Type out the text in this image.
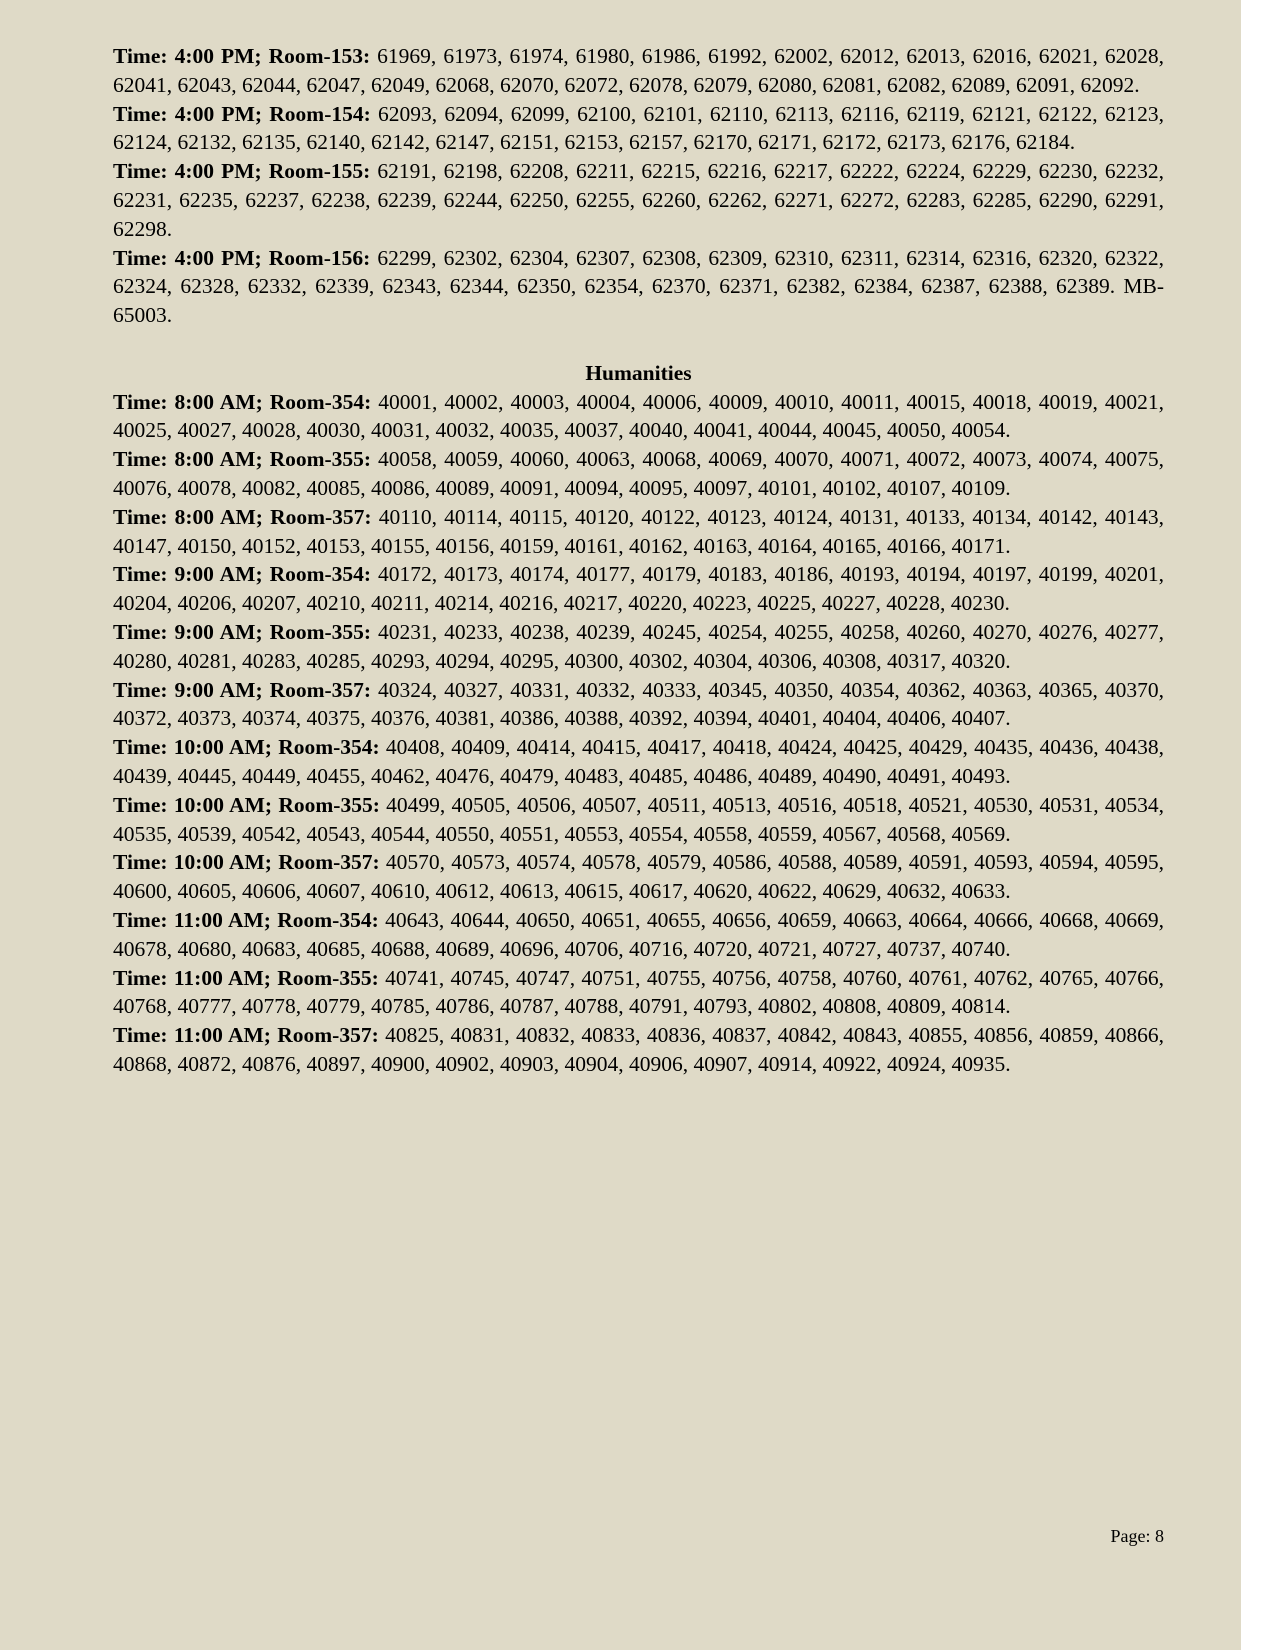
Time: 4:00 PM; Room-153: 61969, 61973, 61974, 61980, 61986, 61992, 62002, 62012, 62013, 62016, 62021, 62028, 62041, 62043, 62044, 62047, 62049, 62068, 62070, 62072, 62078, 62079, 62080, 62081, 62082, 62089, 62091, 62092.

Time: 4:00 PM; Room-154: 62093, 62094, 62099, 62100, 62101, 62110, 62113, 62116, 62119, 62121, 62122, 62123, 62124, 62132, 62135, 62140, 62142, 62147, 62151, 62153, 62157, 62170, 62171, 62172, 62173, 62176, 62184.

Time: 4:00 PM; Room-155: 62191, 62198, 62208, 62211, 62215, 62216, 62217, 62222, 62224, 62229, 62230, 62232, 62231, 62235, 62237, 62238, 62239, 62244, 62250, 62255, 62260, 62262, 62271, 62272, 62283, 62285, 62290, 62291, 62298.

Time: 4:00 PM; Room-156: 62299, 62302, 62304, 62307, 62308, 62309, 62310, 62311, 62314, 62316, 62320, 62322, 62324, 62328, 62332, 62339, 62343, 62344, 62350, 62354, 62370, 62371, 62382, 62384, 62387, 62388, 62389. MB- 65003.

Humanities

Time: 8:00 AM; Room-354: 40001, 40002, 40003, 40004, 40006, 40009, 40010, 40011, 40015, 40018, 40019, 40021, 40025, 40027, 40028, 40030, 40031, 40032, 40035, 40037, 40040, 40041, 40044, 40045, 40050, 40054.

Time: 8:00 AM; Room-355: 40058, 40059, 40060, 40063, 40068, 40069, 40070, 40071, 40072, 40073, 40074, 40075, 40076, 40078, 40082, 40085, 40086, 40089, 40091, 40094, 40095, 40097, 40101, 40102, 40107, 40109.

Time: 8:00 AM; Room-357: 40110, 40114, 40115, 40120, 40122, 40123, 40124, 40131, 40133, 40134, 40142, 40143, 40147, 40150, 40152, 40153, 40155, 40156, 40159, 40161, 40162, 40163, 40164, 40165, 40166, 40171.

Time: 9:00 AM; Room-354: 40172, 40173, 40174, 40177, 40179, 40183, 40186, 40193, 40194, 40197, 40199, 40201, 40204, 40206, 40207, 40210, 40211, 40214, 40216, 40217, 40220, 40223, 40225, 40227, 40228, 40230.

Time: 9:00 AM; Room-355: 40231, 40233, 40238, 40239, 40245, 40254, 40255, 40258, 40260, 40270, 40276, 40277, 40280, 40281, 40283, 40285, 40293, 40294, 40295, 40300, 40302, 40304, 40306, 40308, 40317, 40320.

Time: 9:00 AM; Room-357: 40324, 40327, 40331, 40332, 40333, 40345, 40350, 40354, 40362, 40363, 40365, 40370, 40372, 40373, 40374, 40375, 40376, 40381, 40386, 40388, 40392, 40394, 40401, 40404, 40406, 40407.

Time: 10:00 AM; Room-354: 40408, 40409, 40414, 40415, 40417, 40418, 40424, 40425, 40429, 40435, 40436, 40438, 40439, 40445, 40449, 40455, 40462, 40476, 40479, 40483, 40485, 40486, 40489, 40490, 40491, 40493.

Time: 10:00 AM; Room-355: 40499, 40505, 40506, 40507, 40511, 40513, 40516, 40518, 40521, 40530, 40531, 40534, 40535, 40539, 40542, 40543, 40544, 40550, 40551, 40553, 40554, 40558, 40559, 40567, 40568, 40569.

Time: 10:00 AM; Room-357: 40570, 40573, 40574, 40578, 40579, 40586, 40588, 40589, 40591, 40593, 40594, 40595, 40600, 40605, 40606, 40607, 40610, 40612, 40613, 40615, 40617, 40620, 40622, 40629, 40632, 40633.

Time: 11:00 AM; Room-354: 40643, 40644, 40650, 40651, 40655, 40656, 40659, 40663, 40664, 40666, 40668, 40669, 40678, 40680, 40683, 40685, 40688, 40689, 40696, 40706, 40716, 40720, 40721, 40727, 40737, 40740.

Time: 11:00 AM; Room-355: 40741, 40745, 40747, 40751, 40755, 40756, 40758, 40760, 40761, 40762, 40765, 40766, 40768, 40777, 40778, 40779, 40785, 40786, 40787, 40788, 40791, 40793, 40802, 40808, 40809, 40814.

Time: 11:00 AM; Room-357: 40825, 40831, 40832, 40833, 40836, 40837, 40842, 40843, 40855, 40856, 40859, 40866, 40868, 40872, 40876, 40897, 40900, 40902, 40903, 40904, 40906, 40907, 40914, 40922, 40924, 40935.

Page: 8
